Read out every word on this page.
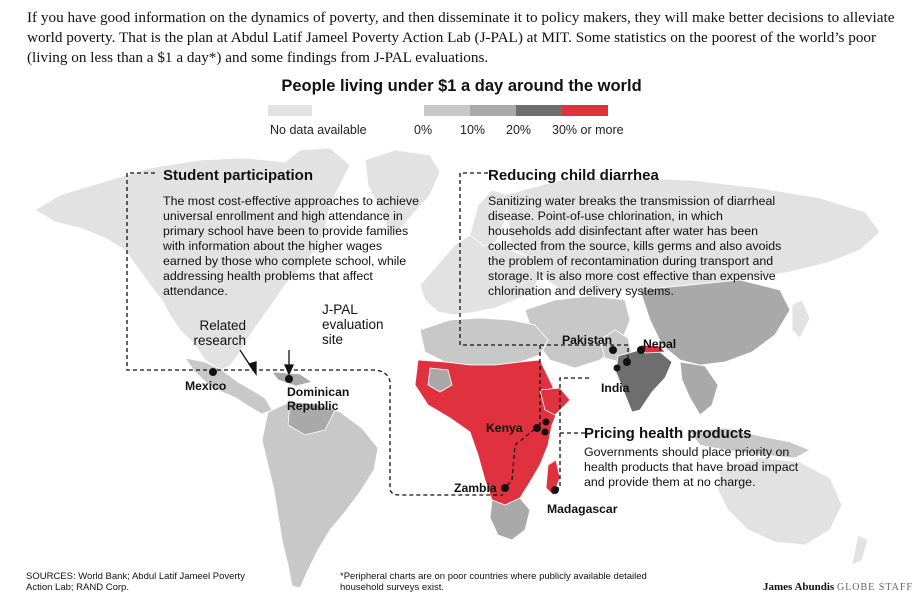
If you have good information on the dynamics of poverty, and then disseminate it to policy makers, they will make better decisions to alleviate world poverty. That is the plan at Abdul Latif Jameel Poverty Action Lab (J-PAL) at MIT. Some statistics on the poorest of the world’s poor (living on less than a $1 a day*) and some findings from J-PAL evaluations.

People living under $1 a day around the world
No data available	0% 10% 20% 30% or more
Student participation

The most cost-effective approaches to achieve universal enrollment and high attendance in primary school have been to provide families with information about the higher wages earned by those who complete school, while addressing health problems that affect attendance.

Reducing child diarrhea

Sanitizing water breaks the transmission of diarrheal disease. Point-of-use chlorination, in which households add disinfectant after water has been collected from the source, kills germs and also avoids the problem of recontamination during transport and storage. It is also more cost effective than expensive chlorination and delivery systems.

Pricing health products

Governments should place priority on health products that have broad impact and provide them at no charge.

Related research
J-PAL evaluation site
Mexico	Dominican Republic
Pakistan	Nepal
India
Kenya
Zambia
Madagascar
SOURCES: World Bank; Abdul Latif Jameel Poverty Action Lab; RAND Corp.
*Peripheral charts are on poor countries where publicly available detailed household surveys exist.	James Abundis GLOBE STAFF
